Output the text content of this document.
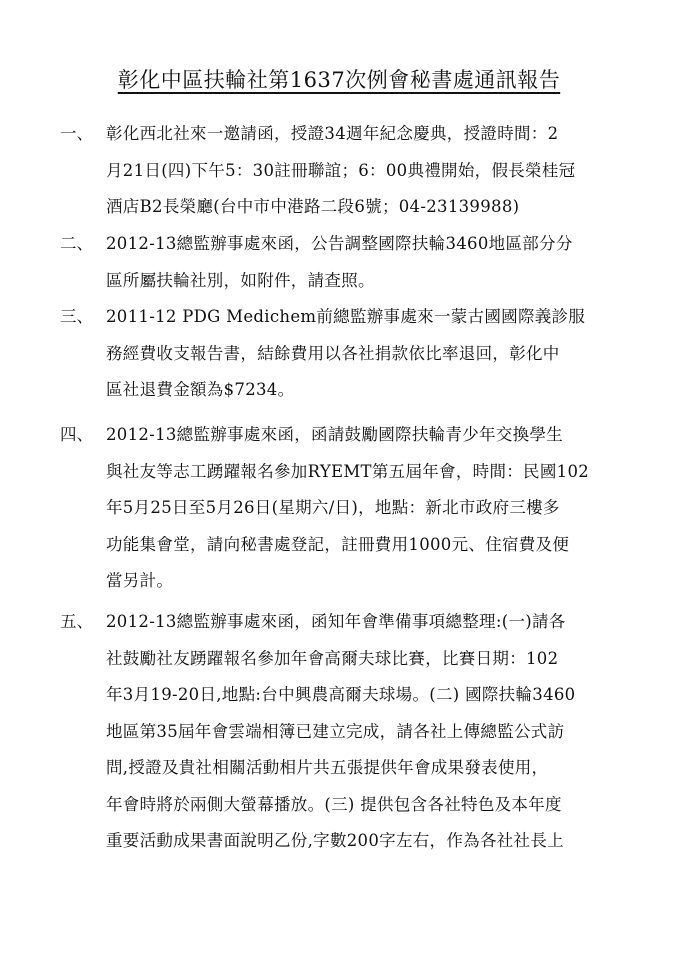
彰化中區扶輪社第1637次例會秘書處通訊報告
一、 彰化西北社來一邀請函，授證34週年紀念慶典，授證時間：2
月21日(四)下午5：30註冊聯誼；6：00典禮開始，假長榮桂冠
酒店B2長榮廳(台中市中港路二段6號；04-23139988)
二、 2012-13總監辦事處來函，公告調整國際扶輪3460地區部分分
區所屬扶輪社別，如附件，請查照。
三、 2011-12 PDG Medichem前總監辦事處來一蒙古國國際義診服
務經費收支報告書，結餘費用以各社捐款依比率退回，彰化中
區社退費金額為$7234。
四、 2012-13總監辦事處來函，函請鼓勵國際扶輪青少年交換學生
與社友等志工踴躍報名參加RYEMT第五屆年會，時間：民國102
年5月25日至5月26日(星期六/日)，地點：新北市政府三樓多
功能集會堂，請向秘書處登記，註冊費用1000元、住宿費及便
當另計。
五、 2012-13總監辦事處來函，函知年會準備事項總整理:(一)請各
社鼓勵社友踴躍報名參加年會高爾夫球比賽，比賽日期：102
年3月19-20日,地點:台中興農高爾夫球場。(二) 國際扶輪3460
地區第35屆年會雲端相簿已建立完成，請各社上傳總監公式訪
問,授證及貴社相關活動相片共五張提供年會成果發表使用，
年會時將於兩側大螢幕播放。(三) 提供包含各社特色及本年度
重要活動成果書面說明乙份,字數200字左右，作為各社社長上
